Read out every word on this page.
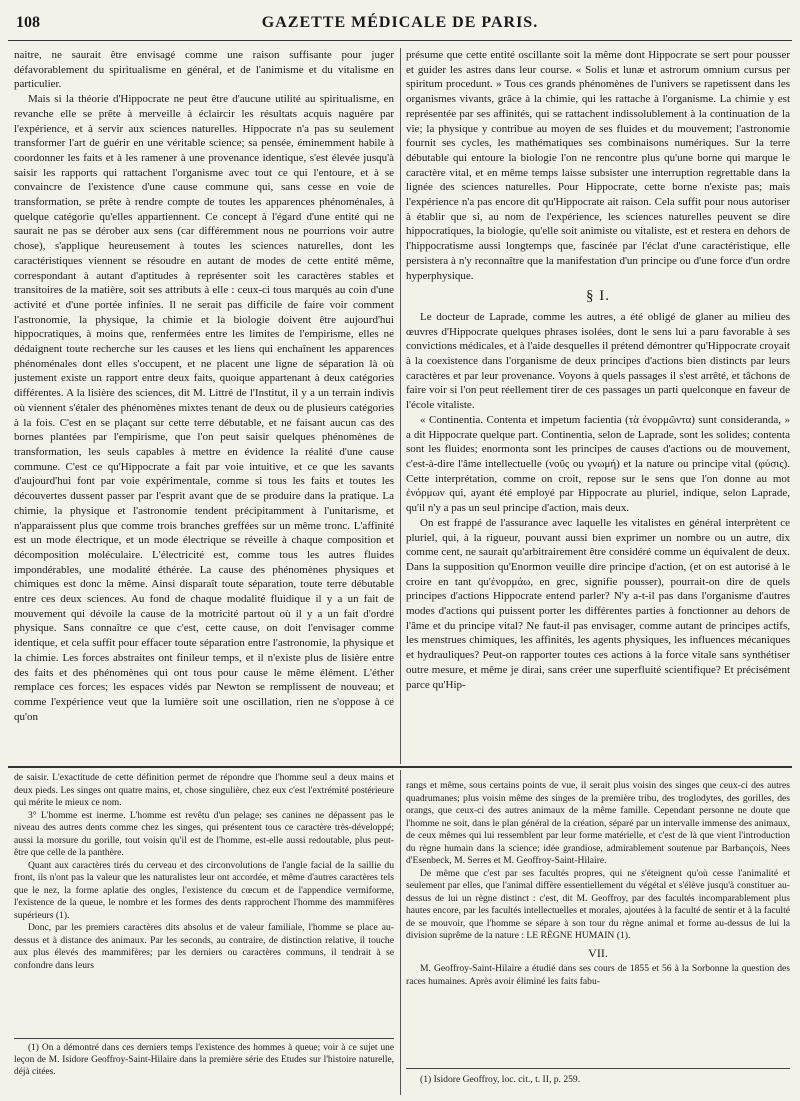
108	GAZETTE MÉDICALE DE PARIS.

naitre, ne saurait être envisagé comme une raison suffisante pour juger défavorablement du spiritualisme en général, et de l'animisme et du vitalisme en particulier.

Mais si la théorie d'Hippocrate ne peut être d'aucune utilité au spiritualisme, en revanche elle se prête à merveille à éclaircir les résultats acquis naguère par l'expérience, et à servir aux sciences naturelles. Hippocrate n'a pas su seulement transformer l'art de guérir en une véritable science; sa pensée, éminemment habile à coordonner les faits et à les ramener à une provenance identique, s'est élevée jusqu'à saisir les rapports qui rattachent l'organisme avec tout ce qui l'entoure, et à se convaincre de l'existence d'une cause commune qui, sans cesse en voie de transformation, se prête à rendre compte de toutes les apparences phénoménales, à quelque catégorie qu'elles appartiennent. Ce concept à l'égard d'une entité qui ne saurait ne pas se dérober aux sens (car différemment nous ne pourrions voir autre chose), s'applique heureusement à toutes les sciences naturelles, dont les caractéristiques viennent se résoudre en autant de modes de cette entité même, correspondant à autant d'aptitudes à représenter soit les caractères stables et transitoires de la matière, soit ses attributs à elle : ceux-ci tous marqués au coin d'une activité et d'une portée infinies. Il ne serait pas difficile de faire voir comment l'astronomie, la physique, la chimie et la biologie doivent être aujourd'hui hippocratiques, à moins que, renfermées entre les limites de l'empirisme, elles ne dédaignent toute recherche sur les causes et les liens qui enchaînent les apparences phénoménales dont elles s'occupent, et ne placent une ligne de séparation là où justement existe un rapport entre deux faits, quoique appartenant à deux catégories différentes. A la lisière des sciences, dit M. Littré de l'Institut, il y a un terrain indivis où viennent s'étaler des phénomènes mixtes tenant de deux ou de plusieurs catégories à la fois. C'est en se plaçant sur cette terre débutable, et ne faisant aucun cas des bornes plantées par l'empirisme, que l'on peut saisir quelques phénomènes de transformation, les seuls capables à mettre en évidence la réalité d'une cause commune. C'est ce qu'Hippocrate a fait par voie intuitive, et ce que les savants d'aujourd'hui font par voie expérimentale, comme si tous les faits et toutes les découvertes dussent passer par l'esprit avant que de se produire dans la pratique. La chimie, la physique et l'astronomie tendent précipitamment à l'unitarisme, et n'apparaissent plus que comme trois branches greffées sur un même tronc. L'affinité est un mode électrique, et un mode électrique se réveille à chaque composition et décomposition moléculaire. L'électricité est, comme tous les autres fluides impondérables, une modalité éthérée. La cause des phénomènes physiques et chimiques est donc la même. Ainsi disparaît toute séparation, toute terre débutable entre ces deux sciences. Au fond de chaque modalité fluidique il y a un fait de mouvement qui dévoile la cause de la motricité partout où il y a un fait d'ordre physique. Sans connaître ce que c'est, cette cause, on doit l'envisager comme identique, et cela suffit pour effacer toute séparation entre l'astronomie, la physique et la chimie. Les forces abstraites ont finileur temps, et il n'existe plus de lisière entre des faits et des phénomènes qui ont tous pour cause le même élément. L'éther remplace ces forces; les espaces vidés par Newton se remplissent de nouveau; et comme l'expérience veut que la lumière soit une oscillation, rien ne s'oppose à ce qu'on

présume que cette entité oscillante soit la même dont Hippocrate se sert pour pousser et guider les astres dans leur course. « Solis et lunæ et astrorum omnium cursus per spiritum procedunt. » Tous ces grands phénomènes de l'univers se rapetissent dans les organismes vivants, grâce à la chimie, qui les rattache à l'organisme. La chimie y est représentée par ses affinités, qui se rattachent indissolublement à la continuation de la vie; la physique y contribue au moyen de ses fluides et du mouvement; l'astronomie fournit ses cycles, les mathématiques ses combinaisons numériques. Sur la terre débutable qui entoure la biologie l'on ne rencontre plus qu'une borne qui marque le caractère vital, et en même temps laisse subsister une interruption regrettable dans la lignée des sciences naturelles. Pour Hippocrate, cette borne n'existe pas; mais l'expérience n'a pas encore dit qu'Hippocrate ait raison. Cela suffit pour nous autoriser à établir que si, au nom de l'expérience, les sciences naturelles peuvent se dire hippocratiques, la biologie, qu'elle soit animiste ou vitaliste, est et restera en dehors de l'hippocratisme aussi longtemps que, fascinée par l'éclat d'une caractéristique, elle persistera à n'y reconnaître que la manifestation d'un principe ou d'une force d'un ordre hyperphysique.

§ I.

Le docteur de Laprade, comme les autres, a été obligé de glaner au milieu des œuvres d'Hippocrate quelques phrases isolées, dont le sens lui a paru favorable à ses convictions médicales, et à l'aide desquelles il prétend démontrer qu'Hippocrate croyait à la coexistence dans l'organisme de deux principes d'actions bien distincts par leurs caractères et par leur provenance. Voyons à quels passages il s'est arrêté, et tâchons de faire voir si l'on peut réellement tirer de ces passages un parti quelconque en faveur de l'école vitaliste.

« Continentia. Contenta et impetum facientia (τὰ ἐνορμῶντα) sunt consideranda, » a dit Hippocrate quelque part. Continentia, selon de Laprade, sont les solides; contenta sont les fluides; enormonta sont les principes de causes d'actions ou de mouvement, c'est-à-dire l'âme intellectuelle (νοῦς ou γνωμή) et la nature ou principe vital (φύσις). Cette interprétation, comme on croit, repose sur le sens que l'on donne au mot ἐνόρμων qui, ayant été employé par Hippocrate au pluriel, indique, selon Laprade, qu'il n'y a pas un seul principe d'action, mais deux.

On est frappé de l'assurance avec laquelle les vitalistes en général interprètent ce pluriel, qui, à la rigueur, pouvant aussi bien exprimer un nombre ou un autre, dix comme cent, ne saurait qu'arbitrairement être considéré comme un équivalent de deux. Dans la supposition qu'Enormon veuille dire principe d'action, (et on est autorisé à le croire en tant qu'ἐνορμάω, en grec, signifie pousser), pourrait-on dire de quels principes d'actions Hippocrate entend parler? N'y a-t-il pas dans l'organisme d'autres modes d'actions qui puissent porter les différentes parties à fonctionner au dehors de l'âme et du principe vital? Ne faut-il pas envisager, comme autant de principes actifs, les menstrues chimiques, les affinités, les agents physiques, les influences mécaniques et hydrauliques? Peut-on rapporter toutes ces actions à la force vitale sans synthétiser outre mesure, et même je dirai, sans créer une superfluité scientifique? Et précisément parce qu'Hip-

de saisir. L'exactitude de cette définition permet de répondre que l'homme seul a deux mains et deux pieds. Les singes ont quatre mains, et, chose singulière, chez eux c'est l'extrémité postérieure qui mérite le mieux ce nom.

3° L'homme est inerme. L'homme est revêtu d'un pelage; ses canines ne dépassent pas le niveau des autres dents comme chez les singes, qui présentent tous ce caractère très-développé; aussi la morsure du gorille, tout voisin qu'il est de l'homme, est-elle aussi redoutable, plus peut-être que celle de la panthère.

Quant aux caractères tirés du cerveau et des circonvolutions de l'angle facial de la saillie du front, ils n'ont pas la valeur que les naturalistes leur ont accordée, et même d'autres caractères tels que le nez, la forme aplatie des ongles, l'existence du cœcum et de l'appendice vermiforme, l'existence de la queue, le nombre et les formes des dents rapprochent l'homme des mammifères supérieurs (1).

Donc, par les premiers caractères dits absolus et de valeur familiale, l'homme se place au-dessus et à distance des animaux. Par les seconds, au contraire, de distinction relative, il touche aux plus élevés des mammifères; par les derniers ou caractères communs, il tendrait à se confondre dans leurs

rangs et même, sous certains points de vue, il serait plus voisin des singes que ceux-ci des autres quadrumanes; plus voisin même des singes de la première tribu, des troglodytes, des gorilles, des orangs, que ceux-ci des autres animaux de la même famille. Cependant personne ne doute que l'homme ne soit, dans le plan général de la création, séparé par un intervalle immense des animaux, de ceux mêmes qui lui ressemblent par leur forme matérielle, et c'est de là que vient l'introduction du règne humain dans la science; idée grandiose, admirablement soutenue par Barbançois, Nees d'Esenbeck, M. Serres et M. Geoffroy-Saint-Hilaire.

De même que c'est par ses facultés propres, qui ne s'éteignent qu'où cesse l'animalité et seulement par elles, que l'animal diffère essentiellement du végétal et s'élève jusqu'à constituer au-dessus de lui un règne distinct : c'est, dit M. Geoffroy, par des facultés incomparablement plus hautes encore, par les facultés intellectuelles et morales, ajoutées à la faculté de sentir et à la faculté de se mouvoir, que l'homme se sépare à son tour du règne animal et forme au-dessus de lui la division suprême de la nature : LE RÈGNE HUMAIN (1).

VII.

M. Geoffroy-Saint-Hilaire a étudié dans ses cours de 1855 et 56 à la Sorbonne la question des races humaines. Après avoir éliminé les faits fabu-

(1) On a démontré dans ces derniers temps l'existence des hommes à queue; voir à ce sujet une leçon de M. Isidore Geoffroy-Saint-Hilaire dans la première série des Etudes sur l'histoire naturelle, déjà citées.

(1) Isidore Geoffroy, loc. cit., t. II, p. 259.
